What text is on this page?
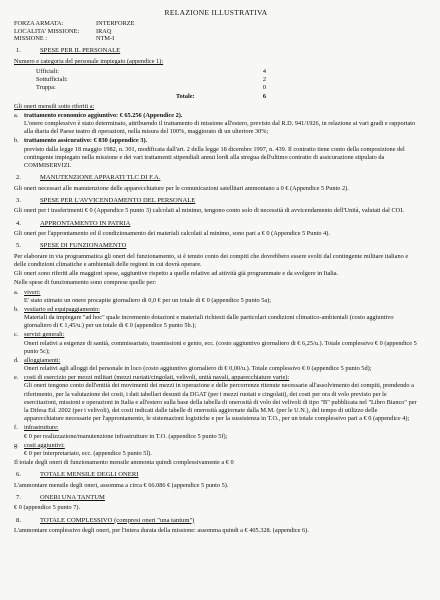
RELAZIONE ILLUSTRATIVA
FORZA ARMATA:	INTERFORZE
LOCALITA' MISSIONE:	IRAQ
MISSIONE :	NTM-I
1.	SPESE PER IL PERSONALE
Numero e categoria del personale impiegato (appendice 1):
Ufficiali:	4
Sottufficiali:	2
Truppa:	0
Totale:	6
Gli oneri mensili sotto riferiti a:
a. trattamento economico aggiuntivo: € 65.256 (Appendice 2).
L'onere complessivo è stato determinato, attribuendo il trattamento di missione all'estero, previsto dal R.D. 941/1926, in relazione ai vari gradi e rapportato alla diaria del Paese teatro di operazioni, nella misura del 100%, maggiorato di un ulteriore 30%;
b. trattamento assicurativo: € 830 (appendice 3).
previsto dalla legge 18 maggio 1982, n. 301, modificata dall'art. 2 della legge 18 dicembre 1997, n. 439. Il contratto tiene conto della composizione del contingente impiegato nella missione e dei vari trattamenti stipendiali annui lordi alla stregua dell'ultimo contratto di assicurazione stipulato da COMMISERVIZI.
2.	MANUTENZIONE APPARATI TLC DI F.A.
Gli oneri necessari alle manutenzione delle apparecchiature per le comunicazioni satellitari ammontano a 0 € (Appendice 5 Punto 2).
3.	SPESE PER L'AVVICENDAMENTO DEL PERSONALE
Gli oneri per i trasferimenti € 0 (Appendice 5 punto 3) calcolati al minimo, tengono conto solo di necessità di avvicendamento dell'Unità, valutati dal COI.
4.	APPRONTAMENTO IN PATRIA
Gli oneri per l'approntamento ed il condizionamento dei materiali calcolati al minimo, sono pari a € 0 (Appendice 5 Punto 4).
5.	SPESE DI FUNZIONAMENTO
Per elaborare in via programmatica gli oneri del funzionamento, si è tenuto conto dei compiti che dovrebbero essere svolti dal contingente militare italiano e delle condizioni climatiche e ambientali delle regioni in cui dovrà operare.
Gli oneri sono riferiti alle maggiori spese, aggiuntive rispetto a quelle relative ad attività già programmate e da svolgere in Italia.
Nelle spese di funzionamento sono comprese quelle per:
a. viveri:
E' stato stimato un onere procapite giornaliero di 0,0 € per un totale di € 0 (appendice 5 punto 5a);
b. vestiario ed equipaggiamento:
Materiali da impiegare "ad hoc" quale incremento dotazioni e materiali richiesti dalle particolari condizioni climatico-ambientali (costo aggiuntivo giornaliero di € 1,45/u.) per un totale di € 0 (appendice 5 punto 5b.);
c. servizi generali:
Oneri relativi a esigenze di sanità, commissariato, trasmissioni e genio, ecc. (costo aggiuntivo giornaliero di € 6,25/u.). Totale complessivo € 0 (appendice 5 punto 5c);
d. alloggiamenti:
Oneri relativi agli alloggi del personale in loco (costo aggiuntivo giornaliero di € 0,00/u.). Totale complessivo € 0 (appendice 5 punto 5d);
e. costi di esercizio per mezzi militari (mezzi ruotati/cingolati, velivoli, unità navali, apparecchiature varie):
Gli oneri tengono conto dell'entità dei movimenti dei mezzi in operazione e delle percorrenze ritenute necessarie all'assolvimento dei compiti, prendendo a riferimento, per la valutazione dei costi, i dati tabellari desunti da DGAT (per i mezzi ruotati e cingolati), dei costi per ora di volo previsto per le esercitazioni, missioni e operazioni in Italia e all'estero sulla base della tabella di onerosità di volo dei velivoli di tipo "B" pubblicata nel "Libro Bianco" per la Difesa Ed. 2002 (per i velivoli), dei costi indicati dalle tabelle di onerosità aggiornate dalla M.M. (per le U.N.), del tempo di utilizzo delle apparecchiature necessarie per l'approntamento, le sistemazioni logistiche e per la sussistenza in T.O., per un totale complessivo pari a € 0 (appendice 4);
f.	infrastrutture:
€ 0 per realizzazione/manutenzione infrastrutture in T.O. (appendice 5 punto 5f);
g. costi aggiuntivi:
€ 0 per interpretariato, ecc. (appendice 5 punto 5l).
Il totale degli oneri di funzionamento mensile ammonta quindi complessivamente a € 0
6.	TOTALE MENSILE DEGLI ONERI
L'ammontare mensile degli oneri, assomma a circa € 66.086 € (appendice 5 punto 5).
7.	ONERI UNA TANTUM
€ 0 (appendice 5 punto 7).
8.	TOTALE COMPLESSIVO (compresi oneri "una tantum")
L'ammontare complessivo degli oneri, per l'intera durata della missione: assomma quindi a € 405.328. (appendice 6).
